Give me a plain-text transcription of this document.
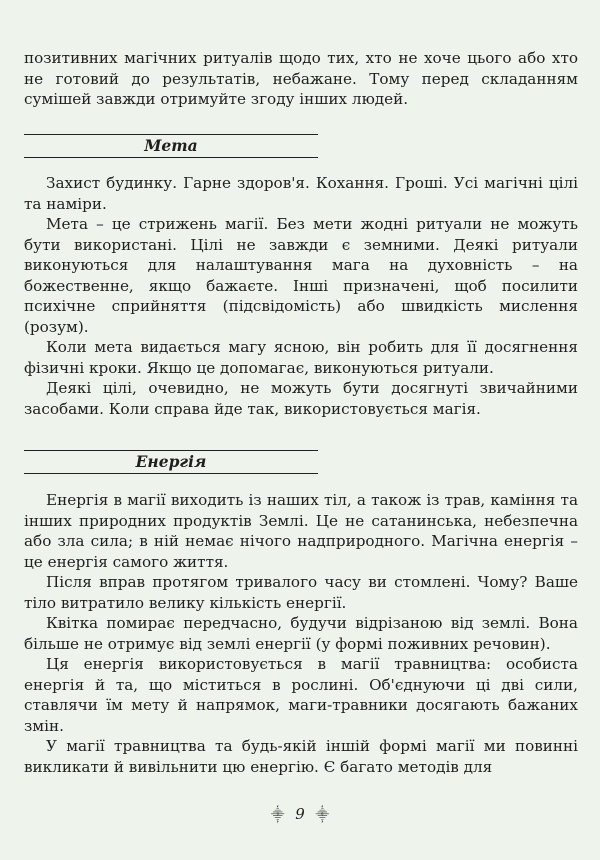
позитивних магічних ритуалів щодо тих, хто не хоче цього або хто не готовий до результатів, небажане. Тому перед складанням сумішей завжди отримуйте згоду інших людей.

Мета

Захист будинку. Гарне здоров'я. Кохання. Гроші. Усі магічні цілі та наміри.

Мета – це стрижень магії. Без мети жодні ритуали не можуть бути використані. Цілі не завжди є земними. Деякі ритуали виконуються для налаштування мага на духовність – на божественне, якщо бажаєте. Інші призначені, щоб посилити психічне сприйняття (підсвідомість) або швидкість мислення (розум).

Коли мета видається магу ясною, він робить для її досягнення фізичні кроки. Якщо це допомагає, виконуються ритуали.

Деякі цілі, очевидно, не можуть бути досягнуті звичайними засобами. Коли справа йде так, використовується магія.

Енергія

Енергія в магії виходить із наших тіл, а також із трав, каміння та інших природних продуктів Землі. Це не сатанинська, небезпечна або зла сила; в ній немає нічого надприродного. Магічна енергія – це енергія самого життя.

Після вправ протягом тривалого часу ви стомлені. Чому? Ваше тіло витратило велику кількість енергії.

Квітка помирає передчасно, будучи відрізаною від землі. Вона більше не отримує від землі енергії (у формі поживних речовин).

Ця енергія використовується в магії травництва: особиста енергія й та, що міститься в рослині. Об'єднуючи ці дві сили, ставлячи їм мету й напрямок, маги-травники досягають бажаних змін.

У магії травництва та будь-якій іншій формі магії ми повинні викликати й вивільнити цю енергію. Є багато методів для

⸎ 9 ⸎
